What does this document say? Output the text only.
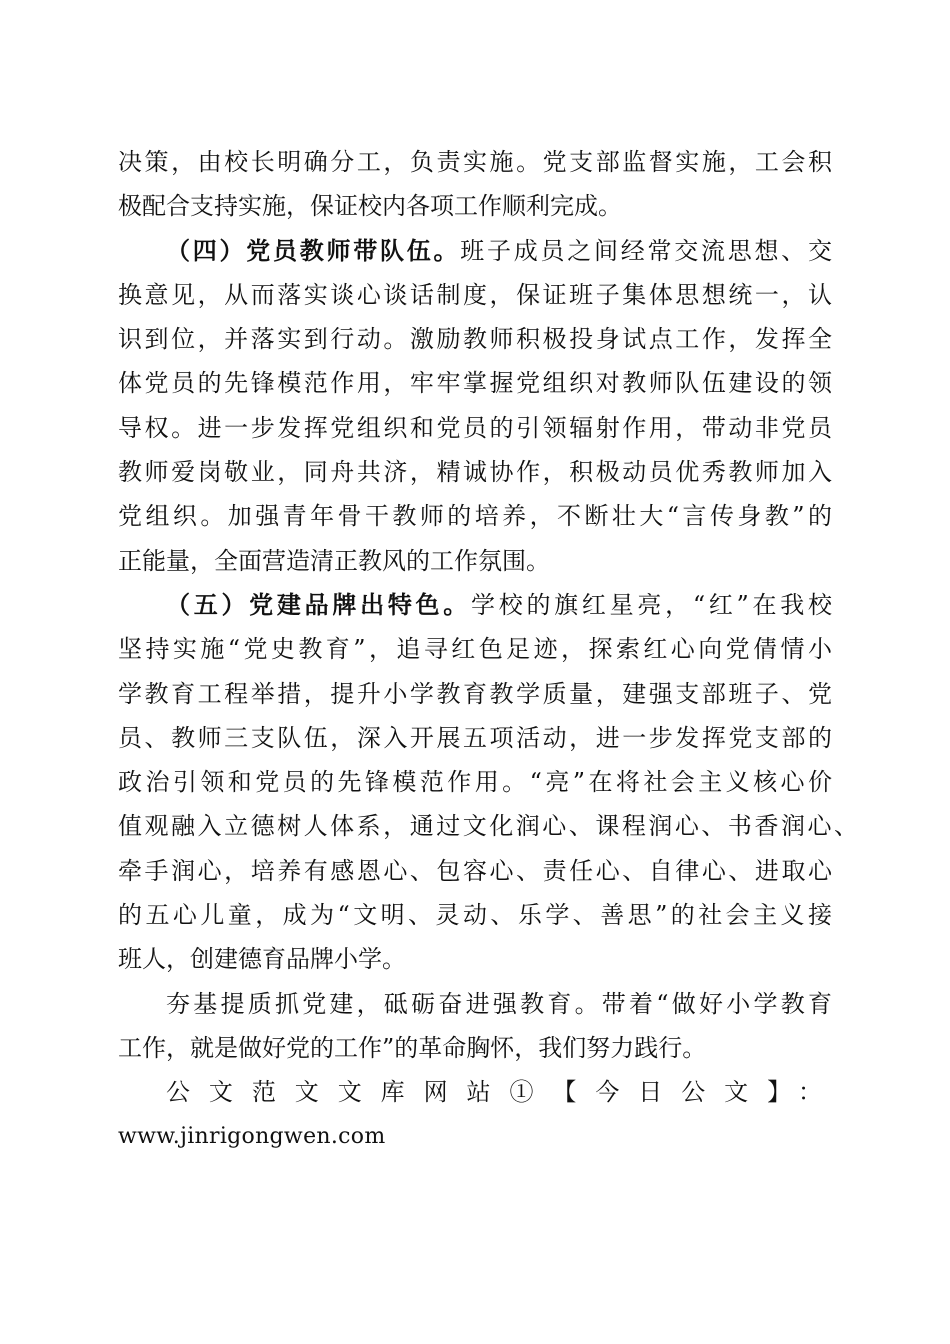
决策，由校长明确分工，负责实施。党支部监督实施，工会积
极配合支持实施，保证校内各项工作顺利完成。
（四）党员教师带队伍。班子成员之间经常交流思想、交
换意见，从而落实谈心谈话制度，保证班子集体思想统一，认
识到位，并落实到行动。激励教师积极投身试点工作，发挥全
体党员的先锋模范作用，牢牢掌握党组织对教师队伍建设的领
导权。进一步发挥党组织和党员的引领辐射作用，带动非党员
教师爱岗敬业，同舟共济，精诚协作，积极动员优秀教师加入
党组织。加强青年骨干教师的培养，不断壮大“言传身教”的
正能量，全面营造清正教风的工作氛围。
（五）党建品牌出特色。学校的旗红星亮，“红”在我校
坚持实施“党史教育”，追寻红色足迹，探索红心向党倩情小
学教育工程举措，提升小学教育教学质量，建强支部班子、党
员、教师三支队伍，深入开展五项活动，进一步发挥党支部的
政治引领和党员的先锋模范作用。“亮”在将社会主义核心价
值观融入立德树人体系，通过文化润心、课程润心、书香润心、
牵手润心，培养有感恩心、包容心、责任心、自律心、进取心
的五心儿童，成为“文明、灵动、乐学、善思”的社会主义接
班人，创建德育品牌小学。
夯基提质抓党建，砥砺奋进强教育。带着“做好小学教育
工作，就是做好党的工作”的革命胸怀，我们努力践行。
公文范文文库网站①【今日公文】：
www.jinrigongwen.com
